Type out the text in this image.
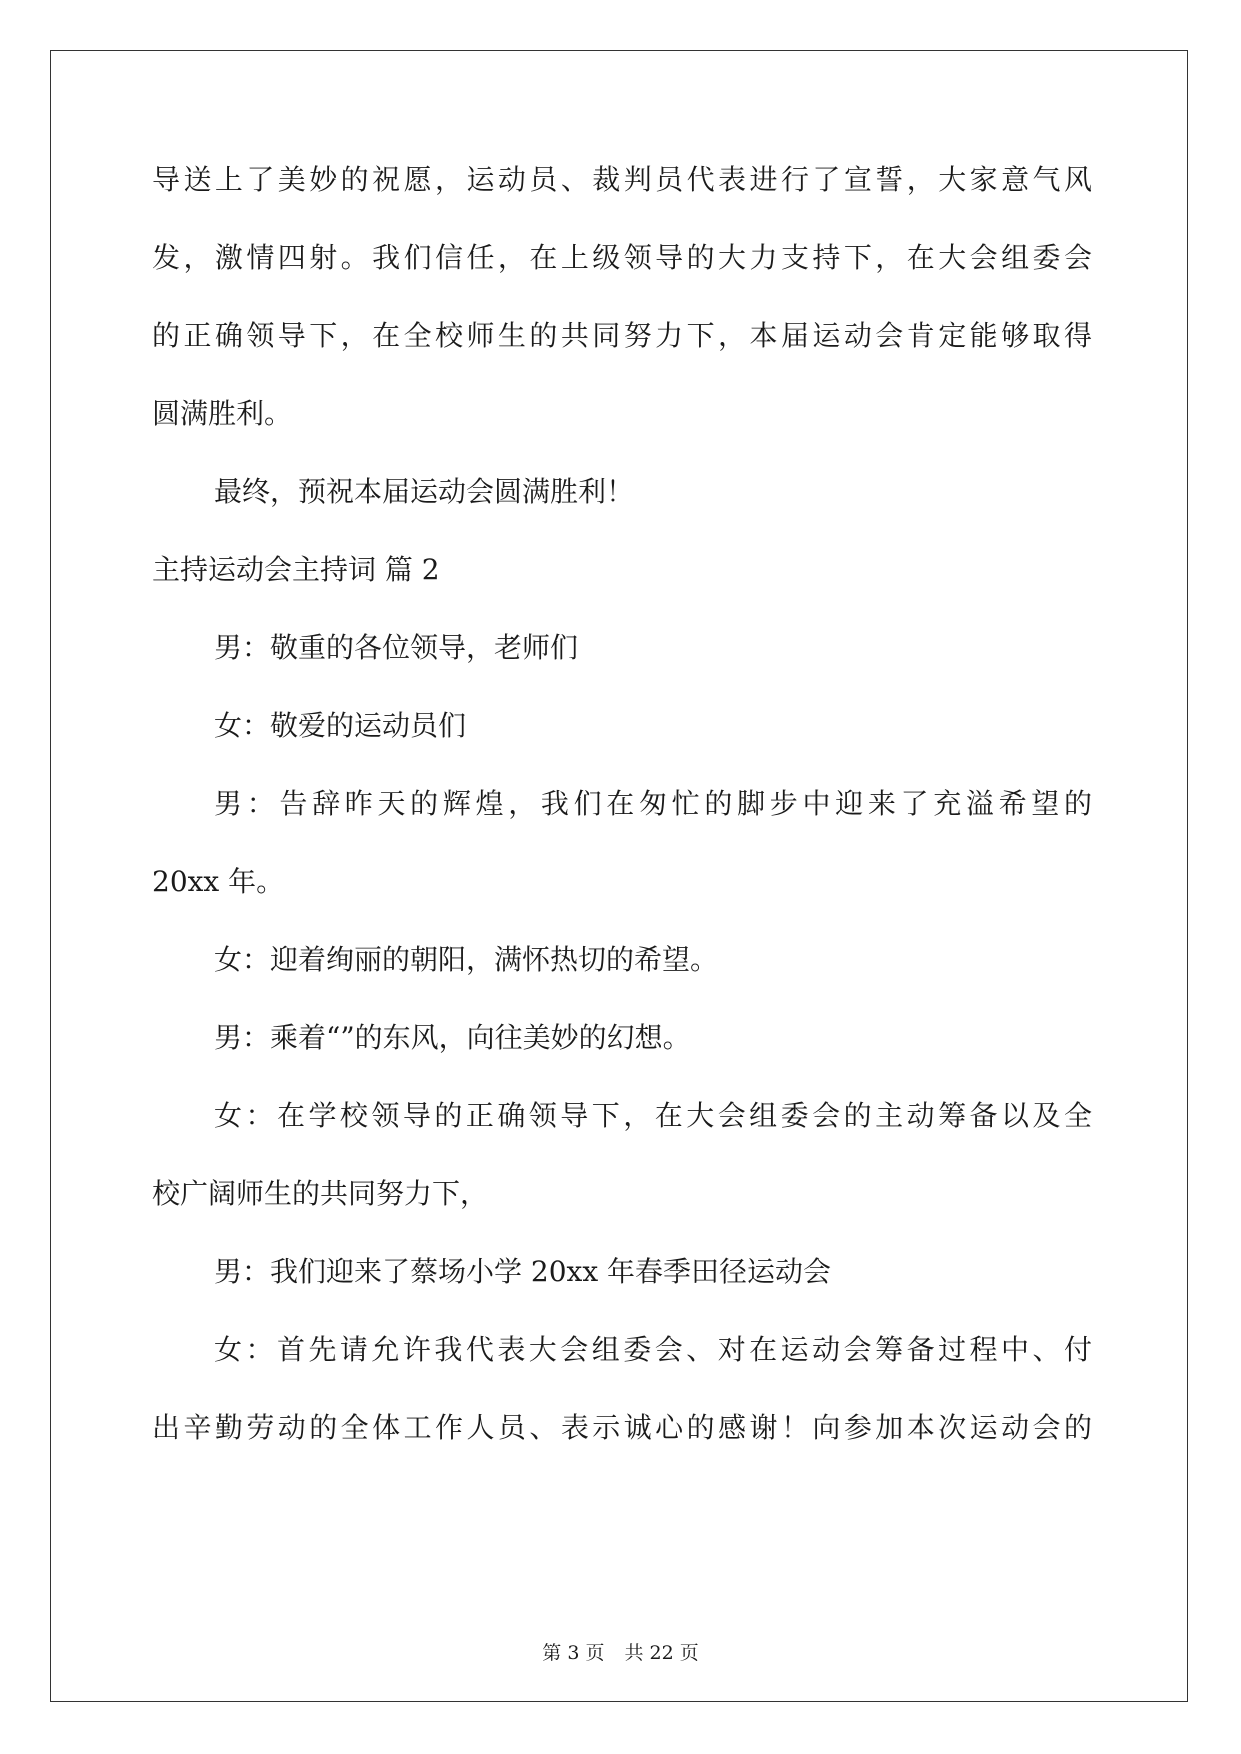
导送上了美妙的祝愿，运动员、裁判员代表进行了宣誓，大家意气风
发，激情四射。我们信任，在上级领导的大力支持下，在大会组委会
的正确领导下，在全校师生的共同努力下，本届运动会肯定能够取得
圆满胜利。
最终，预祝本届运动会圆满胜利！
主持运动会主持词 篇 2
男：敬重的各位领导，老师们
女：敬爱的运动员们
男：告辞昨天的辉煌，我们在匆忙的脚步中迎来了充溢希望的
20xx 年。
女：迎着绚丽的朝阳，满怀热切的希望。
男：乘着“”的东风，向往美妙的幻想。
女：在学校领导的正确领导下，在大会组委会的主动筹备以及全
校广阔师生的共同努力下，
男：我们迎来了蔡场小学 20xx 年春季田径运动会
女：首先请允许我代表大会组委会、对在运动会筹备过程中、付
出辛勤劳动的全体工作人员、表示诚心的感谢！向参加本次运动会的
第 3 页 共 22 页
